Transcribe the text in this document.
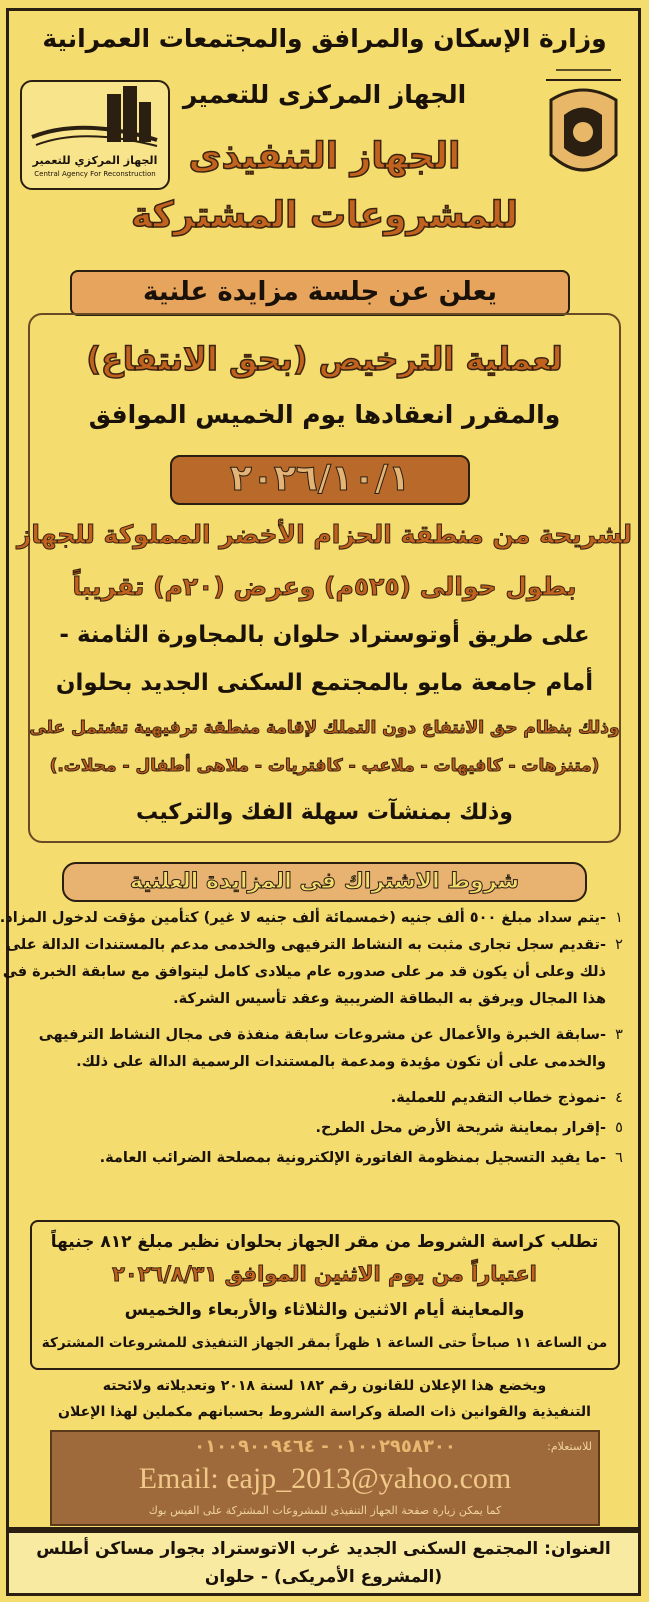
الجهاز المركزي للتعمير
Central Agency For Reconstruction
وزارة الإسكان والمرافق والمجتمعات العمرانية
الجهاز المركزى للتعمير
الجهاز التنفيذى
للمشروعات المشتركة
يعلن عن جلسة مزايدة علنية
لعملية الترخيص (بحق الانتفاع)
والمقرر انعقادها يوم الخميس الموافق
٢٠٢٦/١٠/١
لشريحة من منطقة الحزام الأخضر المملوكة للجهاز
بطول حوالى (٥٢٥م) وعرض (٢٠م) تقريباً
على طريق أوتوستراد حلوان بالمجاورة الثامنة -
أمام جامعة مايو بالمجتمع السكنى الجديد بحلوان
وذلك بنظام حق الانتفاع دون التملك لإقامة منطقة ترفيهية تشتمل على
(متنزهات - كافيهات - ملاعب - كافتريات - ملاهى أطفال - محلات.)
وذلك بمنشآت سهلة الفك والتركيب
شروط الاشتراك فى المزايدة العلنية
١-يتم سداد مبلغ ٥٠٠ ألف جنيه (خمسمائة ألف جنيه لا غير) كتأمين مؤقت لدخول المزاد.
٢-تقديم سجل تجارى مثبت به النشاط الترفيهى والخدمى مدعم بالمستندات الدالة على
ذلك وعلى أن يكون قد مر على صدوره عام ميلادى كامل ليتوافق مع سابقة الخبرة فى
هذا المجال ويرفق به البطاقة الضريبية وعقد تأسيس الشركة.
٣-سابقة الخبرة والأعمال عن مشروعات سابقة منفذة فى مجال النشاط الترفيهى
والخدمى على أن تكون مؤيدة ومدعمة بالمستندات الرسمية الدالة على ذلك.
٤-نموذج خطاب التقديم للعملية.
٥-إقرار بمعاينة شريحة الأرض محل الطرح.
٦-ما يفيد التسجيل بمنظومة الفاتورة الإلكترونية بمصلحة الضرائب العامة.
تطلب كراسة الشروط من مقر الجهاز بحلوان نظير مبلغ ٨١٢ جنيهاً
اعتباراً من يوم الاثنين الموافق ٢٠٢٦/٨/٣١
والمعاينة أيام الاثنين والثلاثاء والأربعاء والخميس
من الساعة ١١ صباحاً حتى الساعة ١ ظهراً بمقر الجهاز التنفيذى للمشروعات المشتركة
ويخضع هذا الإعلان للقانون رقم ١٨٢ لسنة ٢٠١٨ وتعديلاته ولائحته
التنفيذية والقوانين ذات الصلة وكراسة الشروط بحسبانهم مكملين لهذا الإعلان
للاستعلام:
٠١٠٠٢٩٥٨٣٠٠ - ٠١٠٠٩٠٠٩٤٦٤
Email: eajp_2013@yahoo.com
كما يمكن زيارة صفحة الجهاز التنفيذى للمشروعات المشتركة على الفيس بوك
العنوان: المجتمع السكنى الجديد غرب الاتوستراد بجوار مساكن أطلس
(المشروع الأمريكى) - حلوان
